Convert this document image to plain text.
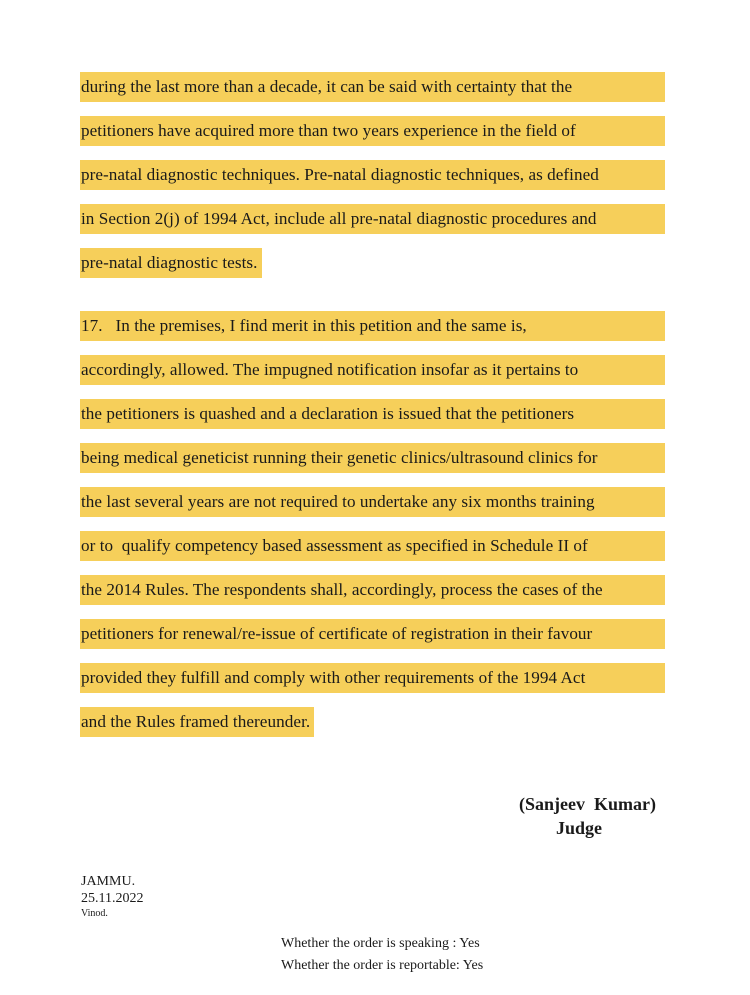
during the last more than a decade, it can be said with certainty that the
petitioners have acquired more than two years experience in the field of
pre-natal diagnostic techniques. Pre-natal diagnostic techniques, as defined
in Section 2(j) of 1994 Act, include all pre-natal diagnostic procedures and
pre-natal diagnostic tests.
17.   In the premises, I find merit in this petition and the same is,
accordingly, allowed. The impugned notification insofar as it pertains to
the petitioners is quashed and a declaration is issued that the petitioners
being medical geneticist running their genetic clinics/ultrasound clinics for
the last several years are not required to undertake any six months training
or to  qualify competency based assessment as specified in Schedule II of
the 2014 Rules. The respondents shall, accordingly, process the cases of the
petitioners for renewal/re-issue of certificate of registration in their favour
provided they fulfill and comply with other requirements of the 1994 Act
and the Rules framed thereunder.
(Sanjeev  Kumar)
Judge
JAMMU.
25.11.2022
Vinod.
Whether the order is speaking : Yes
Whether the order is reportable: Yes
